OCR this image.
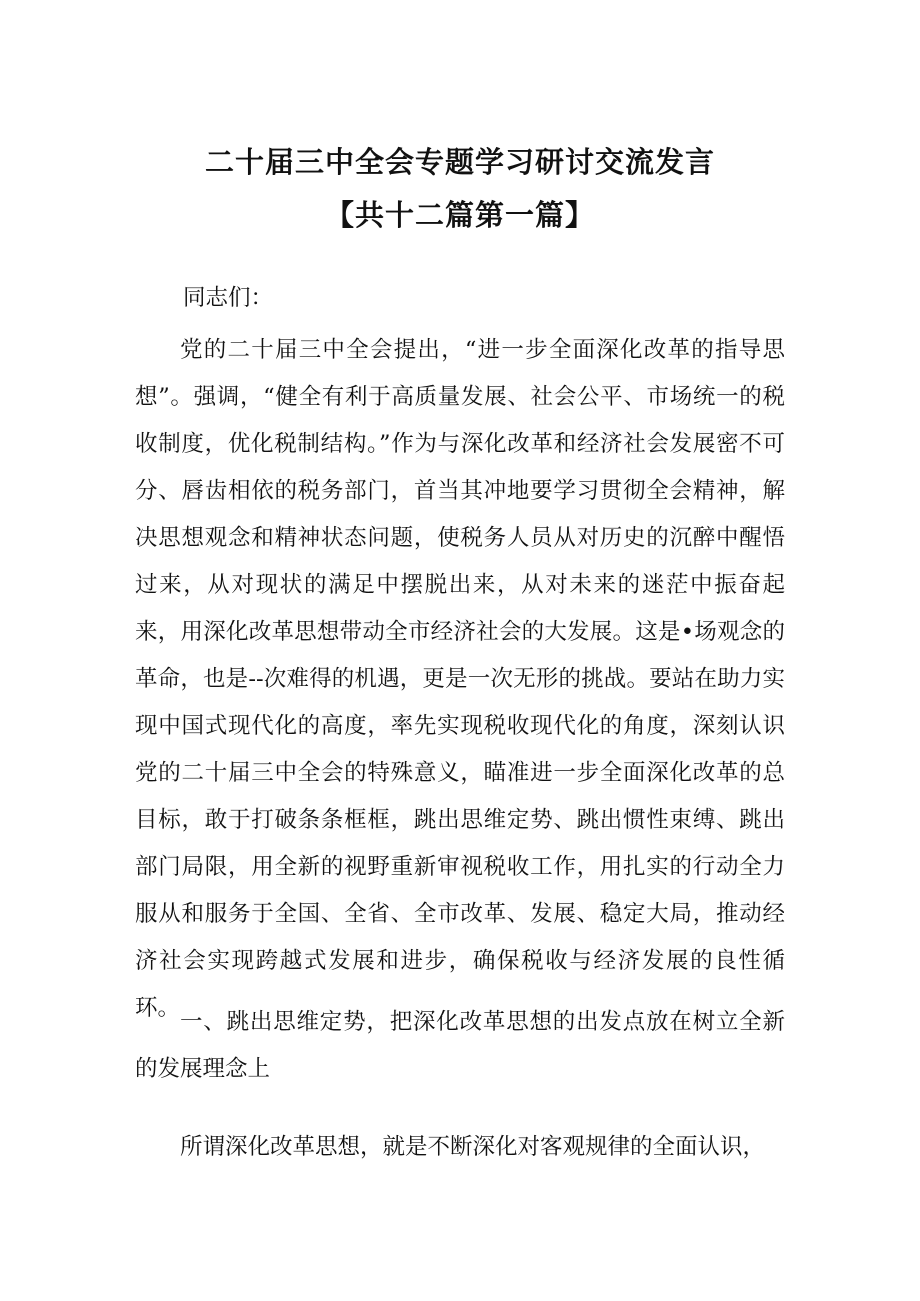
二十届三中全会专题学习研讨交流发言
【共十二篇第一篇】
同志们：
党的二十届三中全会提出，“进一步全面深化改革的指导思想”。强调，“健全有利于高质量发展、社会公平、市场统一的税收制度，优化税制结构。”作为与深化改革和经济社会发展密不可分、唇齿相依的税务部门，首当其冲地要学习贯彻全会精神，解决思想观念和精神状态问题，使税务人员从对历史的沉醉中醒悟过来，从对现状的满足中摆脱出来，从对未来的迷茫中振奋起来，用深化改革思想带动全市经济社会的大发展。这是•场观念的革命，也是--次难得的机遇，更是一次无形的挑战。要站在助力实现中国式现代化的高度，率先实现税收现代化的角度，深刻认识党的二十届三中全会的特殊意义，瞄准进一步全面深化改革的总目标，敢于打破条条框框，跳出思维定势、跳出惯性束缚、跳出部门局限，用全新的视野重新审视税收工作，用扎实的行动全力服从和服务于全国、全省、全市改革、发展、稳定大局，推动经济社会实现跨越式发展和进步，确保税收与经济发展的良性循环。
一、跳出思维定势，把深化改革思想的出发点放在树立全新的发展理念上
所谓深化改革思想，就是不断深化对客观规律的全面认识，
